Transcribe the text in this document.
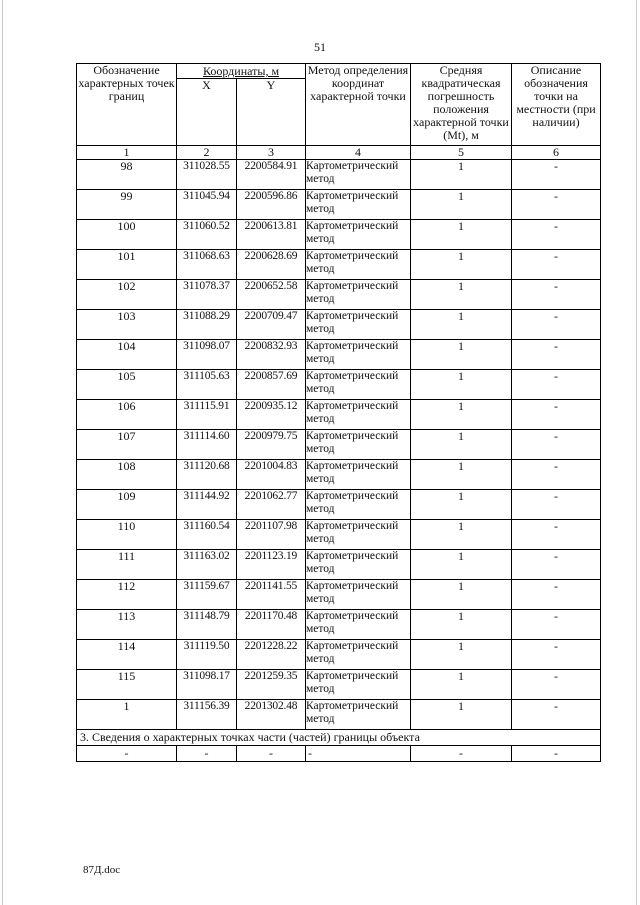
51
Обозначение характерных точек границ	Координаты, м		Метод определения координат характерной точки	Средняя квадратическая погрешность положения характерной точки (Мt), м	Описание обозначения точки на местности (при наличии)
	X	Y			
1	2	3	4	5	6
98	311028.55	2200584.91	Картометрический метод	1	-
99	311045.94	2200596.86	Картометрический метод	1	-
100	311060.52	2200613.81	Картометрический метод	1	-
101	311068.63	2200628.69	Картометрический метод	1	-
102	311078.37	2200652.58	Картометрический метод	1	-
103	311088.29	2200709.47	Картометрический метод	1	-
104	311098.07	2200832.93	Картометрический метод	1	-
105	311105.63	2200857.69	Картометрический метод	1	-
106	311115.91	2200935.12	Картометрический метод	1	-
107	311114.60	2200979.75	Картометрический метод	1	-
108	311120.68	2201004.83	Картометрический метод	1	-
109	311144.92	2201062.77	Картометрический метод	1	-
110	311160.54	2201107.98	Картометрический метод	1	-
111	311163.02	2201123.19	Картометрический метод	1	-
112	311159.67	2201141.55	Картометрический метод	1	-
113	311148.79	2201170.48	Картометрический метод	1	-
114	311119.50	2201228.22	Картометрический метод	1	-
115	311098.17	2201259.35	Картометрический метод	1	-
1	311156.39	2201302.48	Картометрический метод	1	-
3. Сведения о характерных точках части (частей) границы объекта					
-	-	-	-	-	-
87Д.doc
